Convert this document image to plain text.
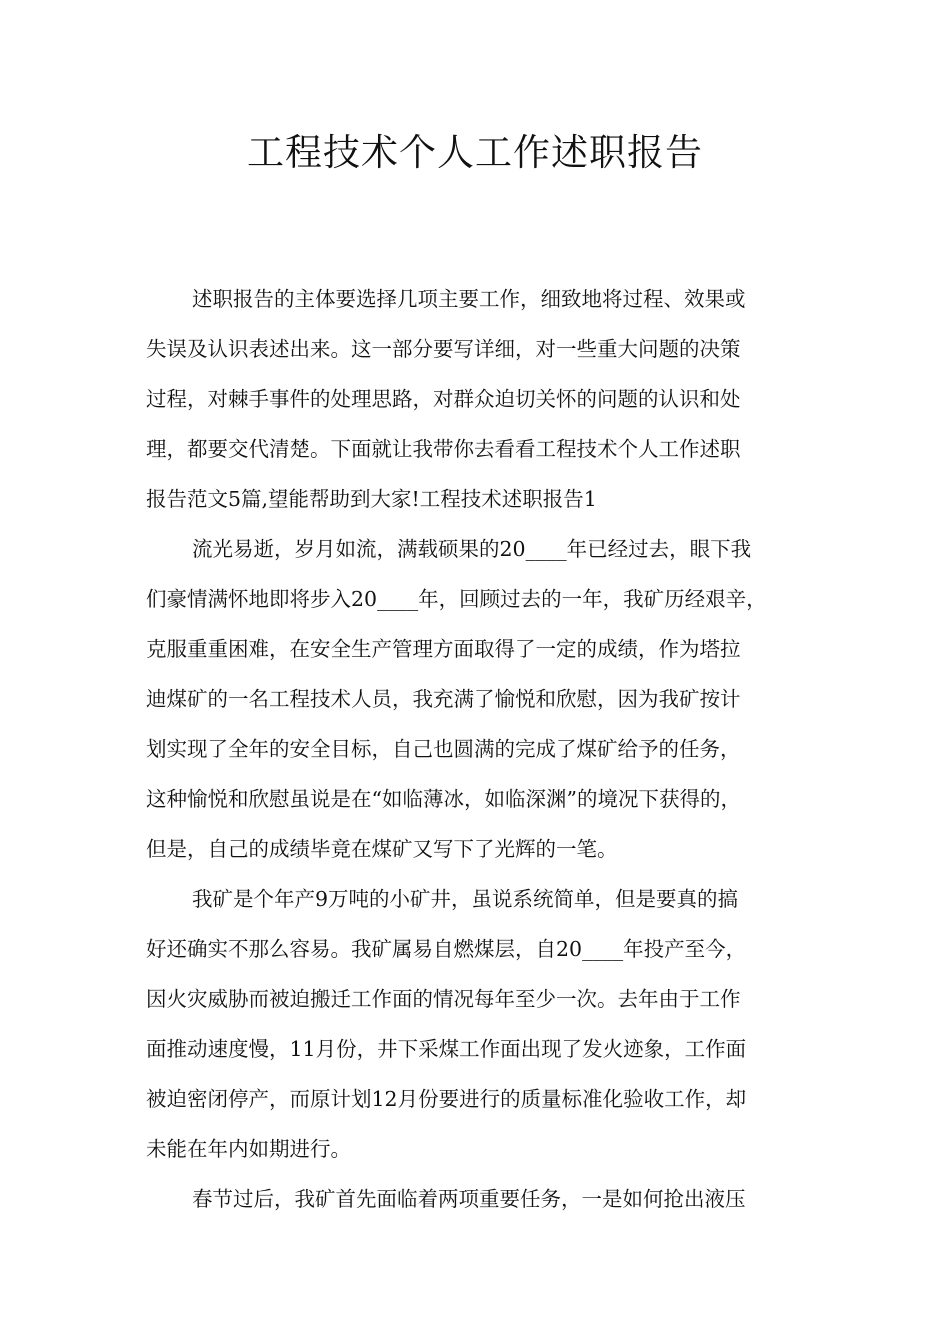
工程技术个人工作述职报告

述职报告的主体要选择几项主要工作，细致地将过程、效果或

失误及认识表述出来。这一部分要写详细，对一些重大问题的决策

过程，对棘手事件的处理思路，对群众迫切关怀的问题的认识和处

理，都要交代清楚。下面就让我带你去看看工程技术个人工作述职

报告范文5篇,望能帮助到大家!工程技术述职报告1

流光易逝，岁月如流，满载硕果的20____年已经过去，眼下我

们豪情满怀地即将步入20____年，回顾过去的一年，我矿历经艰辛，

克服重重困难，在安全生产管理方面取得了一定的成绩，作为塔拉

迪煤矿的一名工程技术人员，我充满了愉悦和欣慰，因为我矿按计

划实现了全年的安全目标，自己也圆满的完成了煤矿给予的任务，

这种愉悦和欣慰虽说是在“如临薄冰，如临深渊”的境况下获得的，

但是，自己的成绩毕竟在煤矿又写下了光辉的一笔。

我矿是个年产9万吨的小矿井，虽说系统简单，但是要真的搞

好还确实不那么容易。我矿属易自燃煤层，自20____年投产至今，

因火灾威胁而被迫搬迁工作面的情况每年至少一次。去年由于工作

面推动速度慢，11月份，井下采煤工作面出现了发火迹象，工作面

被迫密闭停产，而原计划12月份要进行的质量标准化验收工作，却

未能在年内如期进行。

春节过后，我矿首先面临着两项重要任务，一是如何抢出液压
